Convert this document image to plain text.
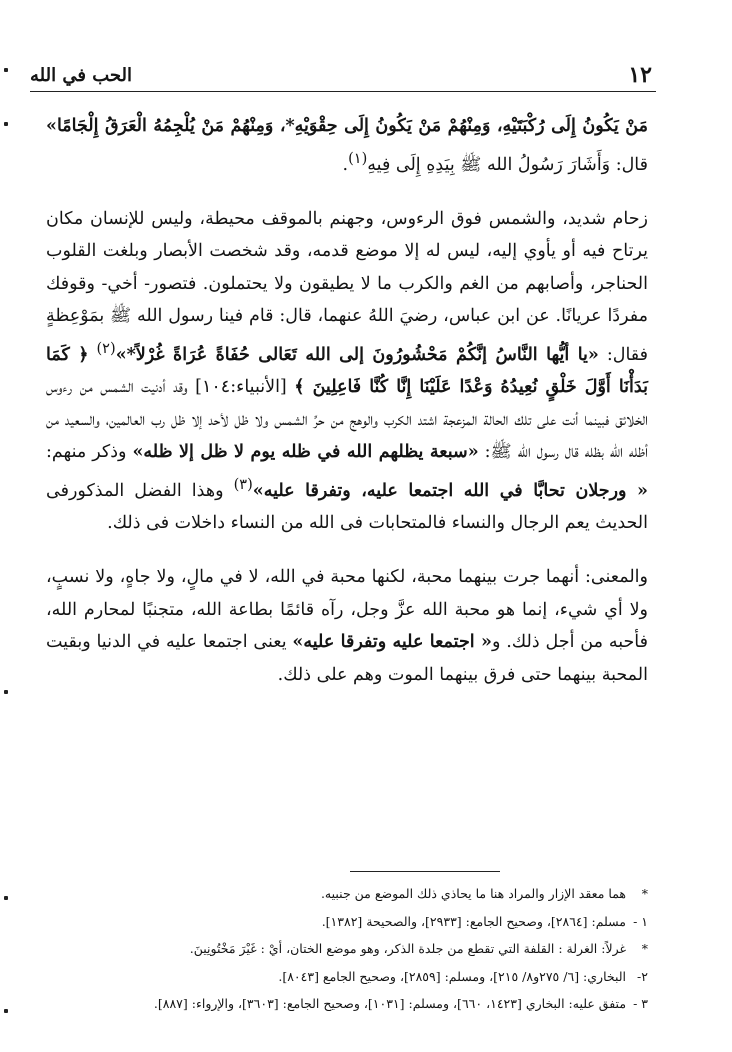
١٢
الحب في الله

مَنْ يَكُونُ إِلَى رُكْبَتَيْهِ، وَمِنْهُمْ مَنْ يَكُونُ إِلَى حِقْوَيْهِ*، وَمِنْهُمْ مَنْ يُلْجِمُهُ الْعَرَقُ إِلْجَامًا» قال: وَأَشَارَ رَسُولُ الله ﷺ بِيَدِهِ إِلَى فِيهِ$^{(١)}$.

زحام شديد، والشمس فوق الرءوس، وجهنم بالموقف محيطة، وليس للإنسان مكان يرتاح فيه أو يأوي إليه، ليس له إلا موضع قدمه، وقد شخصت الأبصار وبلغت القلوب الحناجر، وأصابهم من الغم والكرب ما لا يطيقون ولا يحتملون. فتصور- أخي- وقوفك مفردًا عريانًا. عن ابن عباس، رضيَ اللهُ عنهما، قال: قام فينا رسول الله ﷺ بمَوْعِظةٍ فقال: «يا أيُّها النَّاسُ إنَّكُمْ مَحْشُورُونَ إلى الله تَعَالى حُفَاةً عُرَاةً غُرْلاً*»$^{(٢)}$ ﴿ كَمَا بَدَأْنَا أَوَّلَ خَلْقٍ نُعِيدُهُ وَعْدًا عَلَيْنَا إِنَّا كُنَّا فَاعِلِينَ ﴾ [الأنبياء:١٠٤] وقد أدنيت الشمس من رءوس الخلائق فبينما أنت على تلك الحالة المزعجة اشتد الكرب والوهج من حرِّ الشمس ولا ظل لأحد إلا ظل رب العالمين، والسعيد من أظله الله بظله قال رسول الله ﷺ: «سبعة يظلهم الله في ظله يوم لا ظل إلا ظله» وذكر منهم: « ورجلان تحابَّا في الله اجتمعا عليه، وتفرقا عليه»$^{(٣)}$ وهذا الفضل المذكورفى الحديث يعم الرجال والنساء فالمتحابات فى الله من النساء داخلات فى ذلك.

والمعنى: أنهما جرت بينهما محبة، لكنها محبة في الله، لا في مالٍ، ولا جاهٍ، ولا نسبٍ، ولا أي شيء، إنما هو محبة الله عزَّ وجل، رآه قائمًا بطاعة الله، متجنبًا لمحارم الله، فأحبه من أجل ذلك. و« اجتمعا عليه وتفرقا عليه» يعنى اجتمعا عليه في الدنيا وبقيت المحبة بينهما حتى فرق بينهما الموت وهم على ذلك.

* هما معقد الإزار والمراد هنا ما يحاذي ذلك الموضع من جنبيه.
١ - مسلم: [٢٨٦٤]، وصحيح الجامع: [٢٩٣٣]، والصحيحة [١٣٨٢].
* غرلاً: الغرلة : القلفة التي تقطع من جلدة الذكر، وهو موضع الختان، أيْ : غَيْرَ مَخْتُونِينَ.
٢- البخاري: [٦/ ٢٧٥و٨/ ٢١٥]، ومسلم: [٢٨٥٩]، وصحيح الجامع [٨٠٤٣].
٣ - متفق عليه: البخاري [١٤٢٣، ٦٦٠]، ومسلم: [١٠٣١]، وصحيح الجامع: [٣٦٠٣]، والإرواء: [٨٨٧].
